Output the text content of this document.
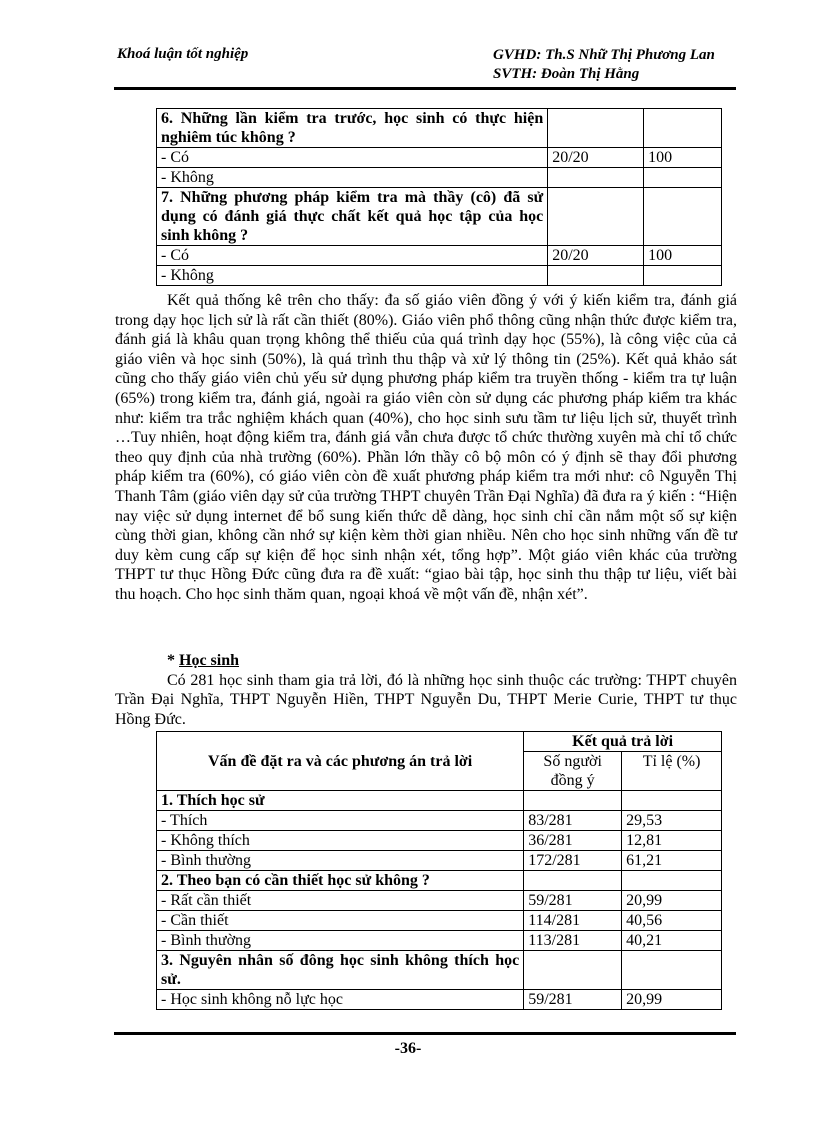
Khoá luận tốt nghiệp	GVHD: Th.S Nhữ Thị Phương Lan
SVTH: Đoàn Thị Hằng
6. Những lần kiểm tra trước, học sinh có thực hiện nghiêm túc không ?		
- Có	20/20	100
- Không		
7. Những phương pháp kiểm tra mà thầy (cô) đã sử dụng có đánh giá thực chất kết quả học tập của học sinh không ?		
- Có	20/20	100
- Không		
Kết quả thống kê trên cho thấy: đa số giáo viên đồng ý với ý kiến kiểm tra, đánh giá trong dạy học lịch sử là rất cần thiết (80%). Giáo viên phổ thông cũng nhận thức được kiểm tra, đánh giá là khâu quan trọng không thể thiếu của quá trình dạy học (55%), là công việc của cả giáo viên và học sinh (50%), là quá trình thu thập và xử lý thông tin (25%). Kết quả khảo sát cũng cho thấy giáo viên chủ yếu sử dụng phương pháp kiểm tra truyền thống - kiểm tra tự luận (65%) trong kiểm tra, đánh giá, ngoài ra giáo viên còn sử dụng các phương pháp kiểm tra khác như: kiểm tra trắc nghiệm khách quan (40%), cho học sinh sưu tầm tư liệu lịch sử, thuyết trình …Tuy nhiên, hoạt động kiểm tra, đánh giá vẫn chưa được tổ chức thường xuyên mà chỉ tổ chức theo quy định của nhà trường (60%). Phần lớn thầy cô bộ môn có ý định sẽ thay đổi phương pháp kiểm tra (60%), có giáo viên còn đề xuất phương pháp kiểm tra mới như: cô Nguyễn Thị Thanh Tâm (giáo viên dạy sử của trường THPT chuyên Trần Đại Nghĩa) đã đưa ra ý kiến : “Hiện nay việc sử dụng internet để bổ sung kiến thức dễ dàng, học sinh chỉ cần nắm một số sự kiện cùng thời gian, không cần nhớ sự kiện kèm thời gian nhiều. Nên cho học sinh những vấn đề tư duy kèm cung cấp sự kiện để học sinh nhận xét, tổng hợp”. Một giáo viên khác của trường THPT tư thục Hồng Đức cũng đưa ra đề xuất: “giao bài tập, học sinh thu thập tư liệu, viết bài thu hoạch. Cho học sinh thăm quan, ngoại khoá về một vấn đề, nhận xét”.
* Học sinh
Có 281 học sinh tham gia trả lời, đó là những học sinh thuộc các trường: THPT chuyên Trần Đại Nghĩa, THPT Nguyễn Hiền, THPT Nguyễn Du, THPT Merie Curie, THPT tư thục Hồng Đức.
Vấn đề đặt ra và các phương án trả lời	Kết quả trả lời	
	Số người đồng ý	Tỉ lệ (%)
1. Thích học sử		
- Thích	83/281	29,53
- Không thích	36/281	12,81
- Bình thường	172/281	61,21
2. Theo bạn có cần thiết học sử không ?		
- Rất cần thiết	59/281	20,99
- Cần thiết	114/281	40,56
- Bình thường	113/281	40,21
3. Nguyên nhân số đông học sinh không thích học sử.		
- Học sinh không nỗ lực học	59/281	20,99
-36-
